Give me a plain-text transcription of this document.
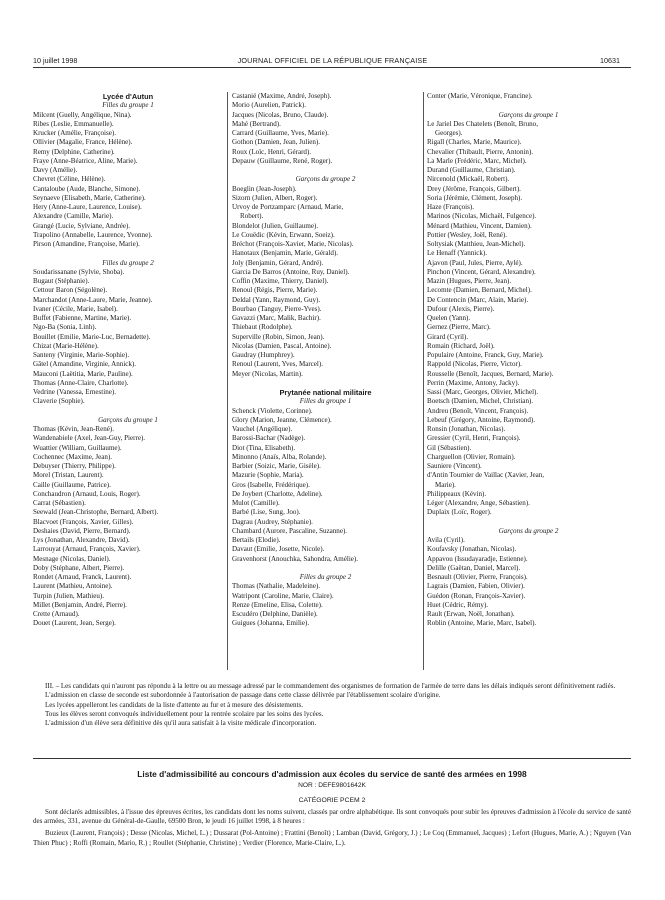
10 juillet 1998	JOURNAL OFFICIEL DE LA RÉPUBLIQUE FRANÇAISE	10631
Lycée d'Autun
Filles du groupe 1
Milcent (Guelly, Angélique, Nina).
Ribes (Leslie, Emmanuelle).
Krucker (Amélie, Françoise).
Ollivier (Magalie, France, Hélène).
Remy (Delphine, Catherine).
Fraye (Anne-Béatrice, Aline, Marie).
Davy (Amélie).
Chevret (Céline, Hélène).
Cantaloube (Aude, Blanche, Simone).
Seynaeve (Elisabeth, Marie, Catherine).
Hery (Anne-Laure, Laurence, Louise).
Alexandre (Camille, Marie).
Grangé (Lucie, Sylviane, Andrée).
Trapolino (Annabelle, Laurence, Yvonne).
Pirson (Amandine, Françoise, Marie).
Filles du groupe 2
Soudarissanane (Sylvie, Shoba).
Bugaut (Stéphanie).
Cettour Baron (Ségolène).
Marchandot (Anne-Laure, Marie, Jeanne).
Ivaner (Cécile, Marie, Isabel).
Buffet (Fabienne, Martine, Marie).
Ngo-Ba (Sonia, Linh).
Bouillet (Emilie, Marie-Luc, Bernadette).
Chizat (Marie-Hélène).
Santeny (Virginie, Marie-Sophie).
Gâtel (Amandine, Virginie, Annick).
Mauconi (Laëtitia, Marie, Pauline).
Thomas (Anne-Claire, Charlotte).
Vedrine (Vanessa, Ernestine).
Claverie (Sophie).
Garçons du groupe 1
Thomas (Kévin, Jean-René).
Wandenabiele (Axel, Jean-Guy, Pierre).
Wuattier (William, Guillaume).
Cochennec (Maxime, Jean).
Debuyser (Thierry, Philippe).
Morel (Tristan, Laurent).
Caille (Guillaume, Patrice).
Conchaudron (Arnaud, Louis, Roger).
Carrat (Sébastien).
Seewald (Jean-Christophe, Bernard, Albert).
Blacvoet (François, Xavier, Gilles).
Deshaies (David, Pierre, Bernard).
Lys (Jonathan, Alexandre, David).
Larrouyat (Arnaud, François, Xavier).
Mesnage (Nicolas, Daniel).
Doby (Stéphane, Albert, Pierre).
Rondet (Arnaud, Franck, Laurent).
Laurent (Mathieu, Antoine).
Turpin (Julien, Mathieu).
Millet (Benjamin, André, Pierre).
Crette (Arnaud).
Douet (Laurent, Jean, Serge).
Castanié (Maxime, André, Joseph).
Morio (Aurelien, Patrick).
Jacques (Nicolas, Bruno, Claude).
Mahé (Bertrand).
Carrard (Guillaume, Yves, Marie).
Gothon (Damien, Jean, Julien).
Roux (Loïc, Henri, Gérard).
Depauw (Guillaume, René, Roger).
Garçons du groupe 2
Boeglin (Jean-Joseph).
Sizorn (Julien, Albert, Roger).
Urvoy de Portzamparc (Arnaud, Marie,
Robert).
Blondelot (Julien, Guillaume).
Le Couëdic (Kévin, Erwann, Soeiz).
Bréchot (François-Xavier, Marie, Nicolas).
Hanotaux (Benjamin, Marie, Gérald).
Joly (Benjamin, Gérard, André).
Garcia De Barros (Antoine, Ruy, Daniel).
Coffin (Maxime, Thierry, Daniel).
Renoul (Régis, Pierre, Marie).
Deldal (Yann, Raymond, Guy).
Bourbao (Tanguy, Pierre-Yves).
Gavazzi (Marc, Malik, Bachir).
Thiebaut (Rodolphe).
Superville (Robin, Simon, Jean).
Nicolas (Damien, Pascal, Antoine).
Gaudray (Humphrey).
Renoul (Laurent, Yves, Marcel).
Meyer (Nicolas, Martin).
Prytanée national militaire
Filles du groupe 1
Schenck (Violette, Corinne).
Glory (Marion, Jeanne, Clémence).
Vauchel (Angélique).
Barossi-Bachar (Nadège).
Diot (Tina, Elisabeth).
Minonno (Anaïs, Alba, Rolande).
Barbier (Soizic, Marie, Gisèle).
Mazurie (Sophie, Maria).
Gros (Isabelle, Frédérique).
De Joybert (Charlotte, Adeline).
Mulot (Camille).
Barbé (Lise, Sung, Joo).
Dagrau (Audrey, Stéphanie).
Chambard (Aurore, Pascaline, Suzanne).
Bertails (Elodie).
Davaut (Emilie, Josette, Nicole).
Gravenhorst (Anouchka, Sahondra, Amélie).
Filles du groupe 2
Thomas (Nathalie, Madeleine).
Watripont (Caroline, Marie, Claire).
Renze (Emeline, Elisa, Colette).
Escudéro (Delphine, Danièle).
Guigues (Johanna, Emilie).
Conter (Marie, Véronique, Francine).
Garçons du groupe 1
Le Jariel Des Chatelets (Benoît, Bruno,
Georges).
Rigall (Charles, Marie, Maurice).
Chevalier (Thibault, Pierre, Antonin).
La Marle (Frédéric, Marc, Michel).
Durand (Guillaume, Christian).
Nircenold (Mickaël, Robert).
Drey (Jérôme, François, Gilbert).
Soria (Jérémie, Clément, Joseph).
Haze (François).
Marinos (Nicolas, Michaël, Fulgence).
Ménard (Mathieu, Vincent, Damien).
Pottier (Wesley, Joël, René).
Soltysiak (Matthieu, Jean-Michel).
Le Henaff (Yannick).
Ajavon (Paul, Jules, Pierre, Aylé).
Pinchon (Vincent, Gérard, Alexandre).
Mazin (Hugues, Pierre, Jean).
Lecomte (Damien, Bernard, Michel).
De Contencin (Marc, Alain, Marie).
Dufour (Alexis, Pierre).
Quelen (Yann).
Gernez (Pierre, Marc).
Girard (Cyril).
Romain (Richard, Joël).
Populaire (Antoine, Franck, Guy, Marie).
Rappold (Nicolas, Pierre, Victor).
Rousselle (Benoît, Jacques, Bernard, Marie).
Perrin (Maxime, Antony, Jacky).
Sassi (Marc, Georges, Olivier, Michel).
Boetsch (Damien, Michel, Christian).
Andreu (Benoît, Vincent, François).
Lebeuf (Grégory, Antoine, Raymond).
Ronsin (Jonathan, Nicolas).
Gressier (Cyril, Henri, François).
Gil (Sébastien).
Charguellon (Olivier, Romain).
Sauniere (Vincent).
d'Antin Tournier de Vaillac (Xavier, Jean,
Marie).
Philippeaux (Kévin).
Léger (Alexandre, Ange, Sébastien).
Duplaix (Loïc, Roger).
Garçons du groupe 2
Avila (Cyril).
Koufavsky (Jonathan, Nicolas).
Appavou (Issudayaradje, Estienne).
Delille (Gaëtan, Daniel, Marcel).
Besnault (Olivier, Pierre, François).
Lagrais (Damien, Fabien, Olivier).
Guédon (Ronan, François-Xavier).
Huet (Cédric, Rémy).
Rault (Erwan, Noël, Jonathan).
Roblin (Antoine, Marie, Marc, Isabel).

III. – Les candidats qui n'auront pas répondu à la lettre ou au message adressé par le commandement des organismes de formation de l'armée de terre dans les délais indiqués seront définitivement radiés.

L'admission en classe de seconde est subordonnée à l'autorisation de passage dans cette classe délivrée par l'établissement scolaire d'origine.

Les lycées appelleront les candidats de la liste d'attente au fur et à mesure des désistements.

Tous les élèves seront convoqués individuellement pour la rentrée scolaire par les soins des lycées.

L'admission d'un élève sera définitive dès qu'il aura satisfait à la visite médicale d'incorporation.

Liste d'admissibilité au concours d'admission aux écoles du service de santé des armées en 1998
NOR : DEFE9801642K
CATÉGORIE PCEM 2

Sont déclarés admissibles, à l'issue des épreuves écrites, les candidats dont les noms suivent, classés par ordre alphabétique. Ils sont convoqués pour subir les épreuves d'admission à l'école du service de santé des armées, 331, avenue du Général-de-Gaulle, 69500 Bron, le jeudi 16 juillet 1998, à 8 heures :

Buzieux (Laurent, François) ; Desse (Nicolas, Michel, L.) ; Dussarat (Pol-Antoine) ; Frattini (Benoît) ; Lamban (David, Grégory, J.) ; Le Coq (Emmanuel, Jacques) ; Lefort (Hugues, Marie, A.) ; Nguyen (Van Thien Phuc) ; Roffi (Romain, Mario, R.) ; Roullet (Stéphanie, Christine) ; Verdier (Florence, Marie-Claire, L.).
